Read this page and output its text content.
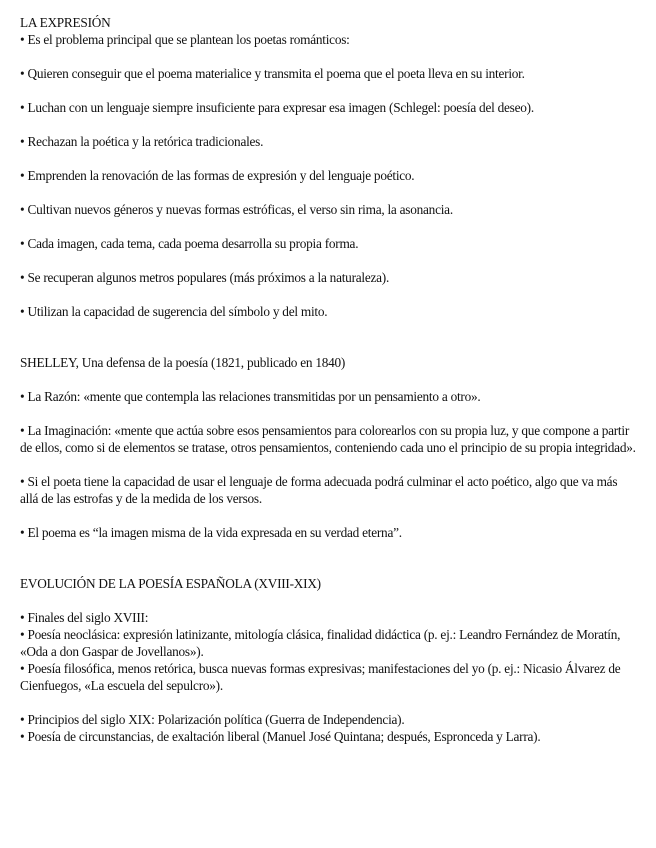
LA EXPRESIÓN

• Es el problema principal que se plantean los poetas románticos:

• Quieren conseguir que el poema materialice y transmita el poema que el poeta lleva en su interior.

• Luchan con un lenguaje siempre insuficiente para expresar esa imagen (Schlegel: poesía del deseo).

• Rechazan la poética y la retórica tradicionales.

• Emprenden la renovación de las formas de expresión y del lenguaje poético.

• Cultivan nuevos géneros y nuevas formas estróficas, el verso sin rima, la asonancia.

• Cada imagen, cada tema, cada poema desarrolla su propia forma.

• Se recuperan algunos metros populares (más próximos a la naturaleza).

• Utilizan la capacidad de sugerencia del símbolo y del mito.

SHELLEY, Una defensa de la poesía (1821, publicado en 1840)

• La Razón: «mente que contempla las relaciones transmitidas por un pensamiento a otro».

• La Imaginación: «mente que actúa sobre esos pensamientos para colorearlos con su propia luz, y que compone a partir de ellos, como si de elementos se tratase, otros pensamientos, conteniendo cada uno el principio de su propia integridad».

• Si el poeta tiene la capacidad de usar el lenguaje de forma adecuada podrá culminar el acto poético, algo que va más allá de las estrofas y de la medida de los versos.

• El poema es “la imagen misma de la vida expresada en su verdad eterna”.

EVOLUCIÓN DE LA POESÍA ESPAÑOLA (XVIII-XIX)

• Finales del siglo XVIII:

• Poesía neoclásica: expresión latinizante, mitología clásica, finalidad didáctica (p. ej.: Leandro Fernández de Moratín, «Oda a don Gaspar de Jovellanos»).

• Poesía filosófica, menos retórica, busca nuevas formas expresivas; manifestaciones del yo (p. ej.: Nicasio Álvarez de Cienfuegos, «La escuela del sepulcro»).

• Principios del siglo XIX: Polarización política (Guerra de Independencia).

• Poesía de circunstancias, de exaltación liberal (Manuel José Quintana; después, Espronceda y Larra).
